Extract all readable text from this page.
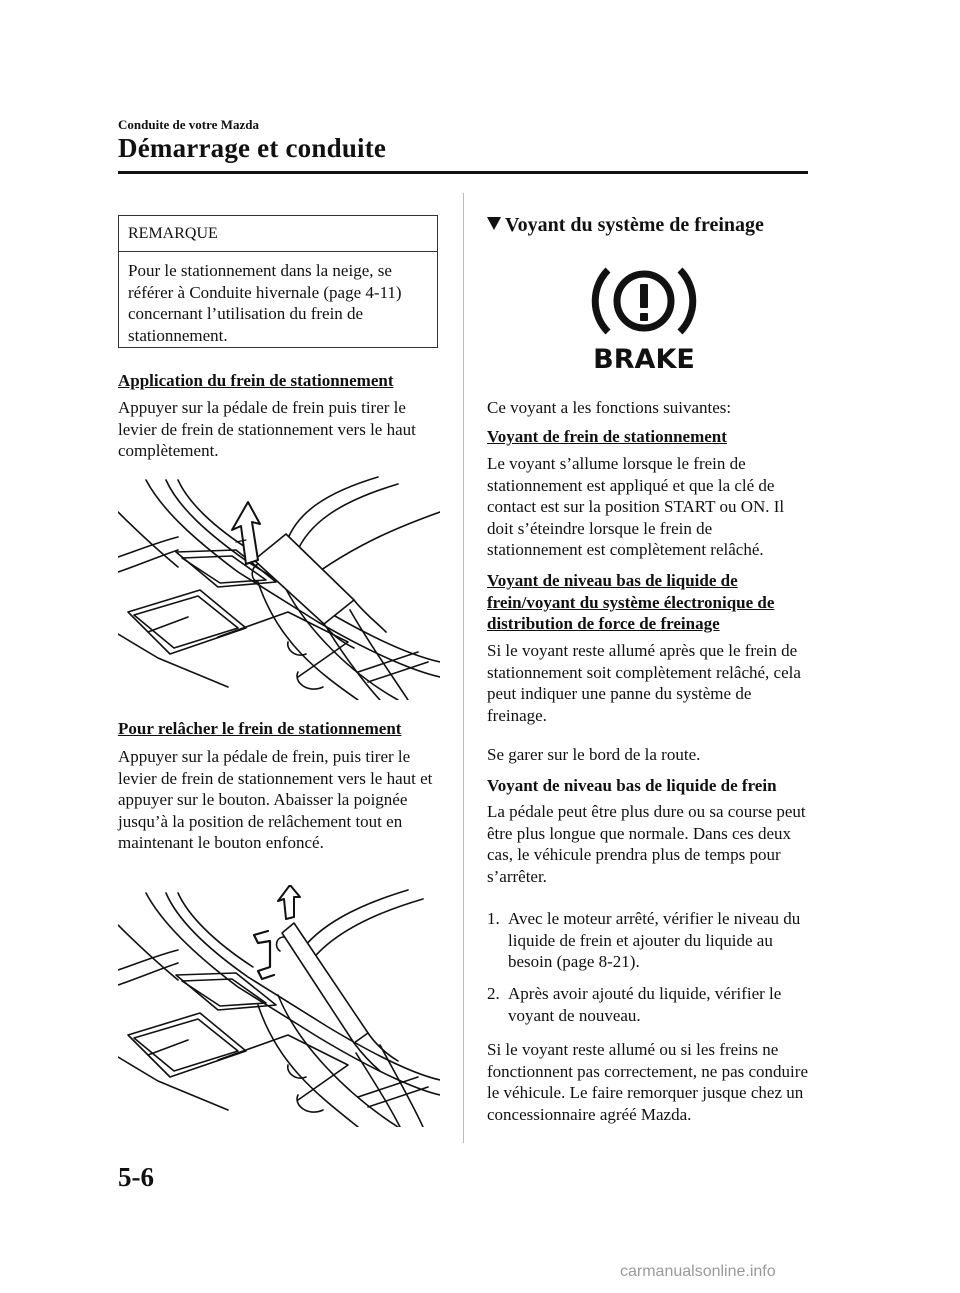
Conduite de votre Mazda
Démarrage et conduite
REMARQUE
Pour le stationnement dans la neige, se référer à Conduite hivernale (page 4-11) concernant l’utilisation du frein de stationnement.
Application du frein de stationnement
Appuyer sur la pédale de frein puis tirer le levier de frein de stationnement vers le haut complètement.
Pour relâcher le frein de stationnement
Appuyer sur la pédale de frein, puis tirer le levier de frein de stationnement vers le haut et appuyer sur le bouton. Abaisser la poignée jusqu’à la position de relâchement tout en maintenant le bouton enfoncé.
Voyant du système de freinage
BRAKE
Ce voyant a les fonctions suivantes:
Voyant de frein de stationnement
Le voyant s’allume lorsque le frein de stationnement est appliqué et que la clé de contact est sur la position START ou ON. Il doit s’éteindre lorsque le frein de stationnement est complètement relâché.
Voyant de niveau bas de liquide de frein/voyant du système électronique de distribution de force de freinage
Si le voyant reste allumé après que le frein de stationnement soit complètement relâché, cela peut indiquer une panne du système de freinage.
Se garer sur le bord de la route.
Voyant de niveau bas de liquide de frein
La pédale peut être plus dure ou sa course peut être plus longue que normale. Dans ces deux cas, le véhicule prendra plus de temps pour s’arrêter.
1. Avec le moteur arrêté, vérifier le niveau du liquide de frein et ajouter du liquide au besoin (page 8-21).
2. Après avoir ajouté du liquide, vérifier le voyant de nouveau.
Si le voyant reste allumé ou si les freins ne fonctionnent pas correctement, ne pas conduire le véhicule. Le faire remorquer jusque chez un concessionnaire agréé Mazda.
5-6
carmanualsonline.info
